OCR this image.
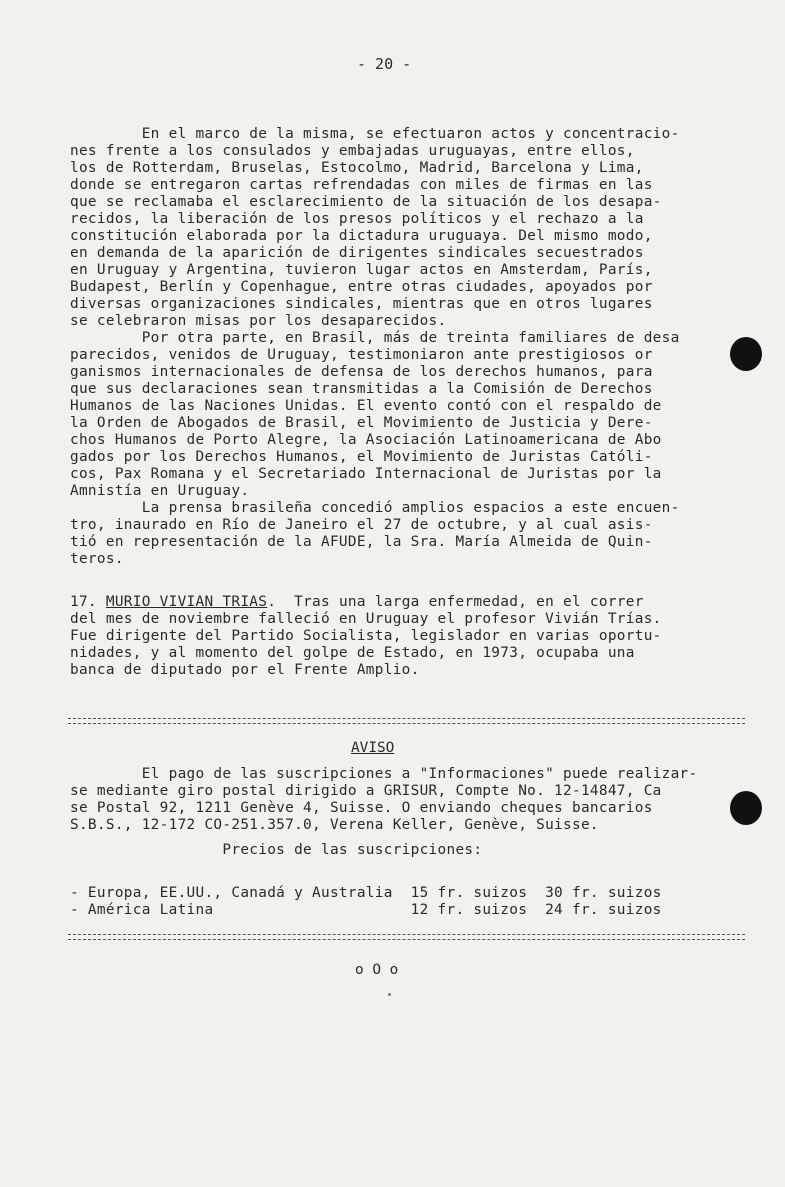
- 20 -

En el marco de la misma, se efectuaron actos y concentracio-

nes frente a los consulados y embajadas uruguayas, entre ellos,

los de Rotterdam, Bruselas, Estocolmo, Madrid, Barcelona y Lima,

donde se entregaron cartas refrendadas con miles de firmas en las

que se reclamaba el esclarecimiento de la situación de los desapa-

recidos, la liberación de los presos políticos y el rechazo a la

constitución elaborada por la dictadura uruguaya. Del mismo modo,

en demanda de la aparición de dirigentes sindicales secuestrados

en Uruguay y Argentina, tuvieron lugar actos en Amsterdam, París,

Budapest, Berlín y Copenhague, entre otras ciudades, apoyados por

diversas organizaciones sindicales, mientras que en otros lugares

se celebraron misas por los desaparecidos.

Por otra parte, en Brasil, más de treinta familiares de desa

parecidos, venidos de Uruguay, testimoniaron ante prestigiosos or

ganismos internacionales de defensa de los derechos humanos, para

que sus declaraciones sean transmitidas a la Comisión de Derechos

Humanos de las Naciones Unidas. El evento contó con el respaldo de

la Orden de Abogados de Brasil, el Movimiento de Justicia y Dere-

chos Humanos de Porto Alegre, la Asociación Latinoamericana de Abo

gados por los Derechos Humanos, el Movimiento de Juristas Católi-

cos, Pax Romana y el Secretariado Internacional de Juristas por la

Amnistía en Uruguay.

La prensa brasileña concedió amplios espacios a este encuen-

tro, inaurado en Río de Janeiro el 27 de octubre, y al cual asis-

tió en representación de la AFUDE, la Sra. María Almeida de Quin-

teros.

17. MURIO VIVIAN TRIAS.  Tras una larga enfermedad, en el correr

del mes de noviembre falleció en Uruguay el profesor Vivián Trías.

Fue dirigente del Partido Socialista, legislador en varias oportu-

nidades, y al momento del golpe de Estado, en 1973, ocupaba una

banca de diputado por el Frente Amplio.

AVISO

El pago de las suscripciones a "Informaciones" puede realizar-

se mediante giro postal dirigido a GRISUR, Compte No. 12-14847, Ca

se Postal 92, 1211 Genève 4, Suisse. O enviando cheques bancarios

S.B.S., 12-172 CO-251.357.0, Verena Keller, Genève, Suisse.

Precios de las suscripciones:

- Europa, EE.UU., Canadá y Australia  15 fr. suizos  30 fr. suizos

- América Latina                      12 fr. suizos  24 fr. suizos

o O o
